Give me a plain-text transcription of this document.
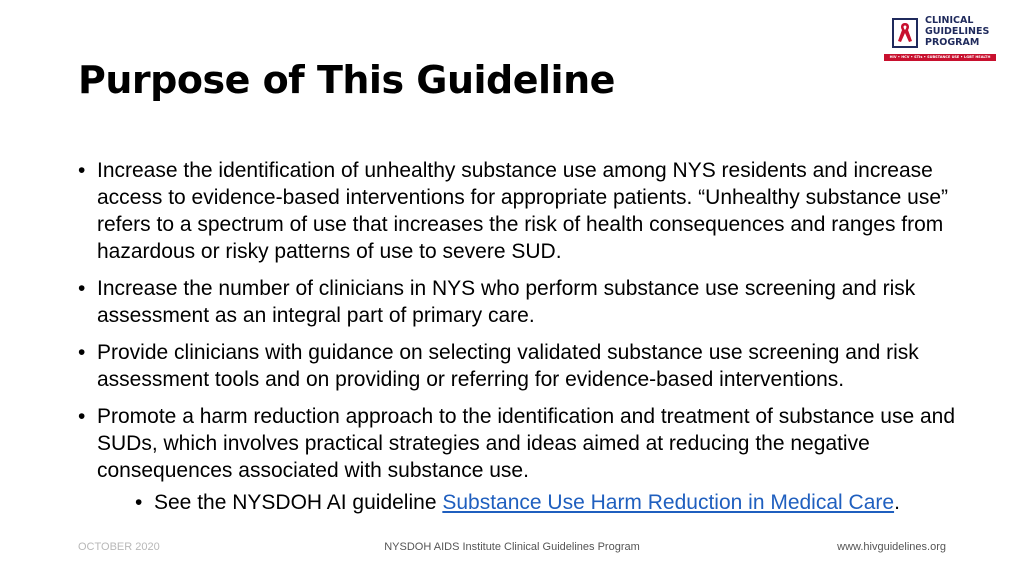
Purpose of This Guideline
CLINICAL
GUIDELINES
PROGRAM
HIV • HCV • STIs • SUBSTANCE USE • LGBT HEALTH
• Increase the identification of unhealthy substance use among NYS residents and increase access to evidence-based interventions for appropriate patients. “Unhealthy substance use” refers to a spectrum of use that increases the risk of health consequences and ranges from hazardous or risky patterns of use to severe SUD.
• Increase the number of clinicians in NYS who perform substance use screening and risk assessment as an integral part of primary care.
• Provide clinicians with guidance on selecting validated substance use screening and risk assessment tools and on providing or referring for evidence-based interventions.
• Promote a harm reduction approach to the identification and treatment of substance use and SUDs, which involves practical strategies and ideas aimed at reducing the negative consequences associated with substance use.
• See the NYSDOH AI guideline Substance Use Harm Reduction in Medical Care.
OCTOBER 2020	NYSDOH AIDS Institute Clinical Guidelines Program	www.hivguidelines.org
